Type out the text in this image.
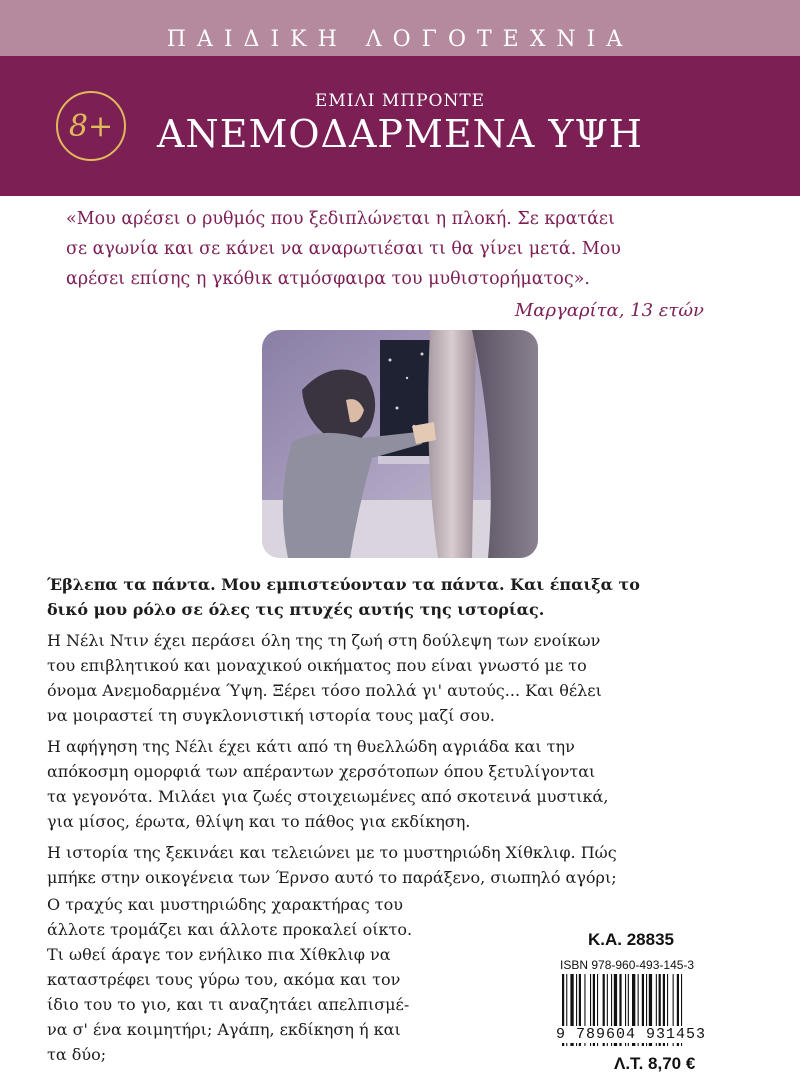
ΠΑΙΔΙΚΗ ΛΟΓΟΤΕΧΝΙΑ
8+
ΕΜΙΛΙ ΜΠΡΟΝΤΕ
ΑΝΕΜΟΔΑΡΜΕΝΑ ΥΨΗ
«Μου αρέσει ο ρυθμός που ξεδιπλώνεται η πλοκή. Σε κρατάει
σε αγωνία και σε κάνει να αναρωτιέσαι τι θα γίνει μετά. Μου
αρέσει επίσης η γκόθικ ατμόσφαιρα του μυθιστορήματος».
Μαργαρίτα, 13 ετών
Έβλεπα τα πάντα. Μου εμπιστεύονταν τα πάντα. Και έπαιξα το
δικό μου ρόλο σε όλες τις πτυχές αυτής της ιστορίας.
Η Νέλι Ντιν έχει περάσει όλη της τη ζωή στη δούλεψη των ενοίκων
του επιβλητικού και μοναχικού οικήματος που είναι γνωστό με το
όνομα Ανεμοδαρμένα Ύψη. Ξέρει τόσο πολλά γι' αυτούς... Και θέλει
να μοιραστεί τη συγκλονιστική ιστορία τους μαζί σου.
Η αφήγηση της Νέλι έχει κάτι από τη θυελλώδη αγριάδα και την
απόκοσμη ομορφιά των απέραντων χερσότοπων όπου ξετυλίγονται
τα γεγονότα. Μιλάει για ζωές στοιχειωμένες από σκοτεινά μυστικά,
για μίσος, έρωτα, θλίψη και το πάθος για εκδίκηση.
Η ιστορία της ξεκινάει και τελειώνει με το μυστηριώδη Χίθκλιφ. Πώς
μπήκε στην οικογένεια των Έρνσο αυτό το παράξενο, σιωπηλό αγόρι;
Ο τραχύς και μυστηριώδης χαρακτήρας του
άλλοτε τρομάζει και άλλοτε προκαλεί οίκτο.
Τι ωθεί άραγε τον ενήλικο πια Χίθκλιφ να
καταστρέφει τους γύρω του, ακόμα και τον
ίδιο του το γιο, και τι αναζητάει απελπισμέ-
να σ' ένα κοιμητήρι; Αγάπη, εκδίκηση ή και
τα δύο;
Κ.Α. 28835
ISBN 978-960-493-145-3
9 789604 931453
Λ.Τ. 8,70 €
